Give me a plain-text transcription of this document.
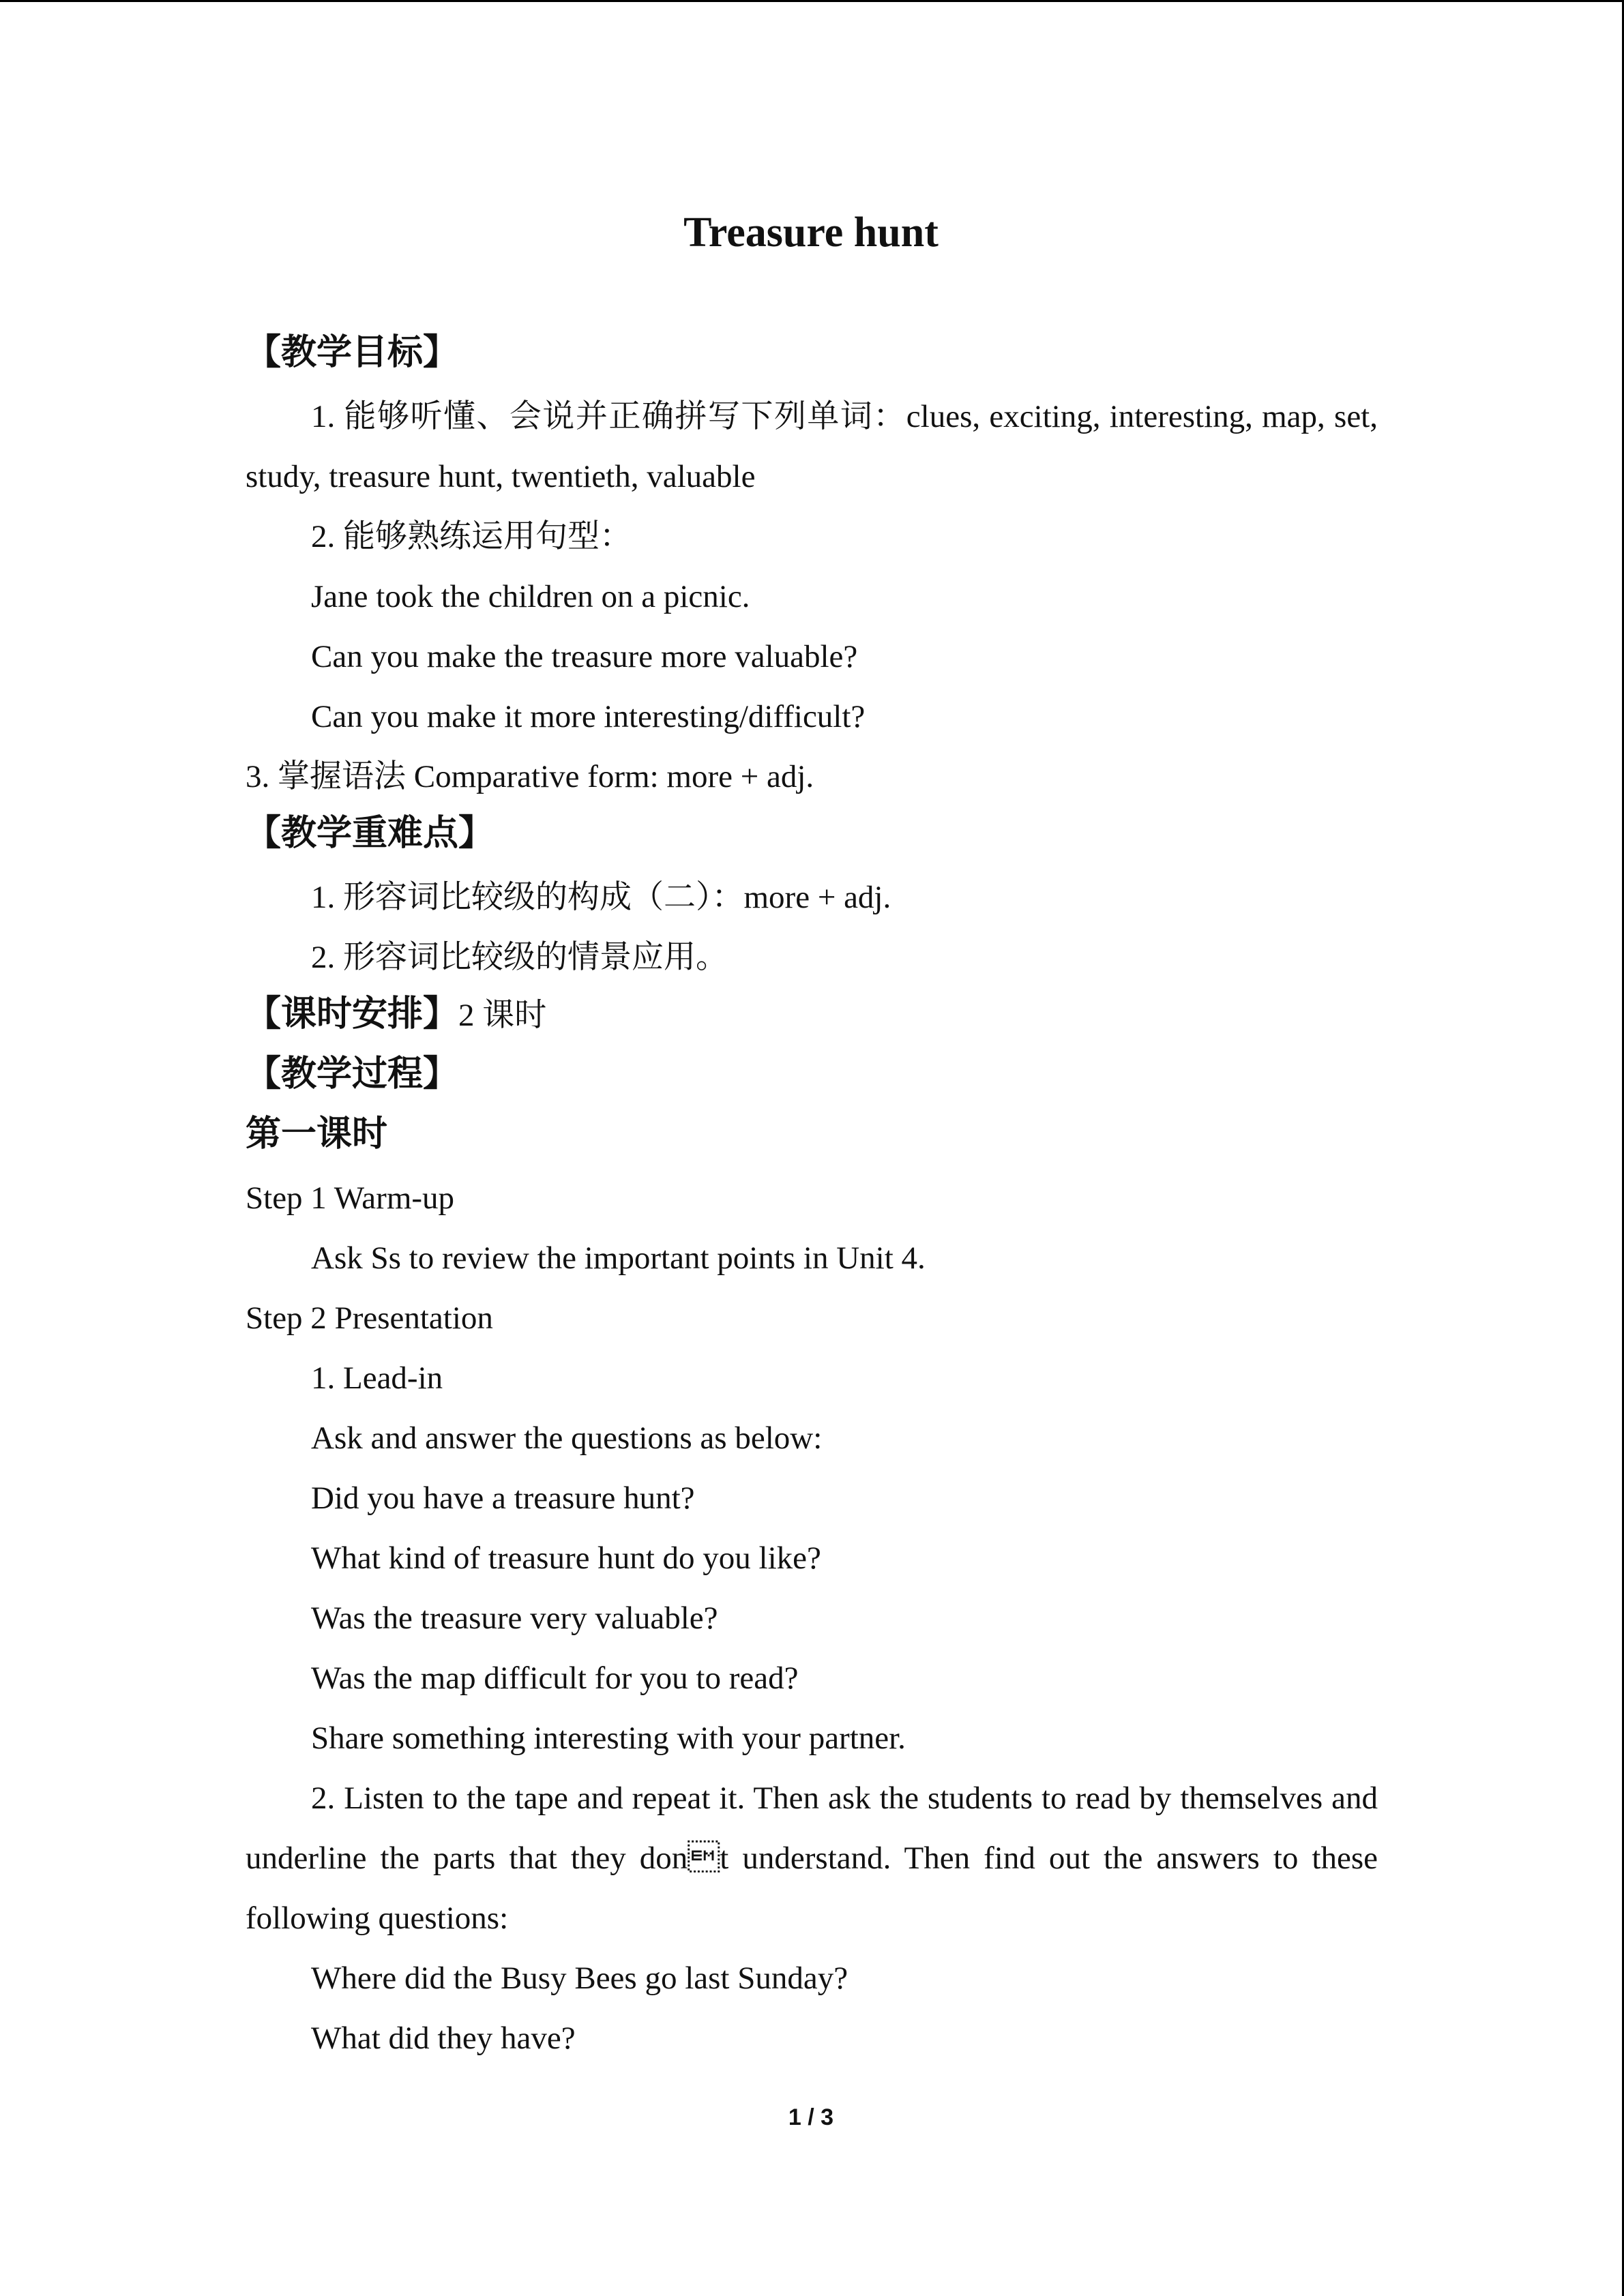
Treasure hunt
【教学目标】
1. 能够听懂、会说并正确拼写下列单词：clues, exciting, interesting, map, set,
study, treasure hunt, twentieth, valuable
2. 能够熟练运用句型：
Jane took the children on a picnic.
Can you make the treasure more valuable?
Can you make it more interesting/difficult?
3. 掌握语法 Comparative form: more + adj.
【教学重难点】
1. 形容词比较级的构成（二）：more + adj.
2. 形容词比较级的情景应用。
【课时安排】2 课时
【教学过程】
第一课时
Step 1 Warm-up
Ask Ss to review the important points in Unit 4.
Step 2 Presentation
1. Lead-in
Ask and answer the questions as below:
Did you have a treasure hunt?
What kind of treasure hunt do you like?
Was the treasure very valuable?
Was the map difficult for you to read?
Share something interesting with your partner.
2. Listen to the tape and repeat it. Then ask the students to read by themselves and
underline the parts that they dont understand. Then find out the answers to these
following questions:
Where did the Busy Bees go last Sunday?
What did they have?
1 / 3
